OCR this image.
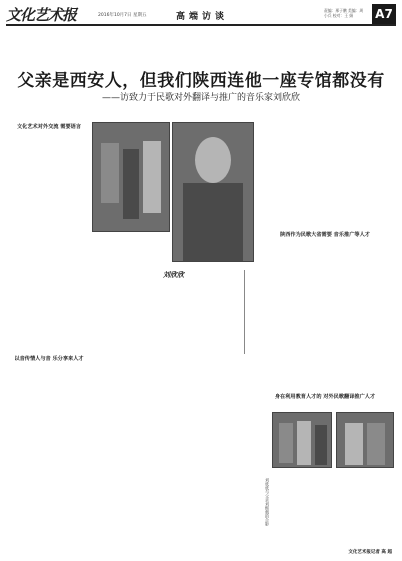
文化艺术报	2016年10月7日 星期五	高端访谈
责编：邢子鹏 美编：周小兵 校对：王 娟	A7
父亲是西安人，但我们陕西连他一座专馆都没有
——访致力于民歌对外翻译与推广的音乐家刘欣欣
文化艺术对外交流 需要语言
以音传情人与音 乐分享来人才
刘欣欣
陕西作为民歌大省需要 音乐推广等人才
身在利用教育人才的 对外民歌翻译推广人才
刘欣欣与父亲刘熙载的合影
文化艺术报记者 高 超
